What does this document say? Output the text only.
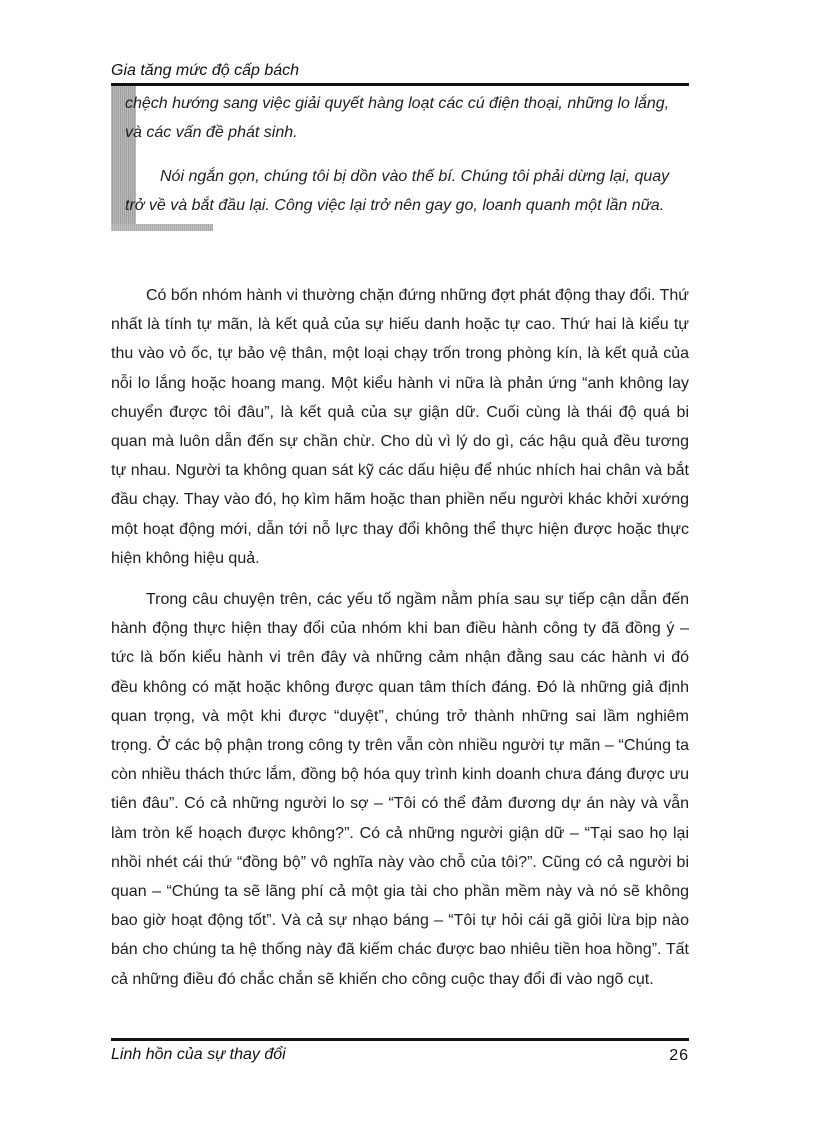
Gia tăng mức độ cấp bách

chệch hướng sang việc giải quyết hàng loạt các cú điện thoại, những lo lắng, và các vấn đề phát sinh.

Nói ngắn gọn, chúng tôi bị dồn vào thế bí. Chúng tôi phải dừng lại, quay trở về và bắt đầu lại. Công việc lại trở nên gay go, loanh quanh một lần nữa.

Có bốn nhóm hành vi thường chặn đứng những đợt phát động thay đổi. Thứ nhất là tính tự mãn, là kết quả của sự hiếu danh hoặc tự cao. Thứ hai là kiểu tự thu vào vỏ ốc, tự bảo vệ thân, một loại chạy trốn trong phòng kín, là kết quả của nỗi lo lắng hoặc hoang mang. Một kiểu hành vi nữa là phản ứng “anh không lay chuyển được tôi đâu”, là kết quả của sự giận dữ. Cuối cùng là thái độ quá bi quan mà luôn dẫn đến sự chần chừ. Cho dù vì lý do gì, các hậu quả đều tương tự nhau. Người ta không quan sát kỹ các dấu hiệu để nhúc nhích hai chân và bắt đầu chạy. Thay vào đó, họ kìm hãm hoặc than phiền nếu người khác khởi xướng một hoạt động mới, dẫn tới nỗ lực thay đổi không thể thực hiện được hoặc thực hiện không hiệu quả.

Trong câu chuyện trên, các yếu tố ngầm nằm phía sau sự tiếp cận dẫn đến hành động thực hiện thay đổi của nhóm khi ban điều hành công ty đã đồng ý – tức là bốn kiểu hành vi trên đây và những cảm nhận đằng sau các hành vi đó đều không có mặt hoặc không được quan tâm thích đáng. Đó là những giả định quan trọng, và một khi được “duyệt”, chúng trở thành những sai lầm nghiêm trọng. Ở các bộ phận trong công ty trên vẫn còn nhiều người tự mãn – “Chúng ta còn nhiều thách thức lắm, đồng bộ hóa quy trình kinh doanh chưa đáng được ưu tiên đâu”. Có cả những người lo sợ – “Tôi có thể đảm đương dự án này và vẫn làm tròn kế hoạch được không?”. Có cả những người giận dữ – “Tại sao họ lại nhồi nhét cái thứ “đồng bộ” vô nghĩa này vào chỗ của tôi?”. Cũng có cả người bi quan – “Chúng ta sẽ lãng phí cả một gia tài cho phần mềm này và nó sẽ không bao giờ hoạt động tốt”. Và cả sự nhạo báng – “Tôi tự hỏi cái gã giỏi lừa bịp nào bán cho chúng ta hệ thống này đã kiếm chác được bao nhiêu tiền hoa hồng”. Tất cả những điều đó chắc chắn sẽ khiến cho công cuộc thay đổi đi vào ngõ cụt.

Linh hồn của sự thay đổi	26
